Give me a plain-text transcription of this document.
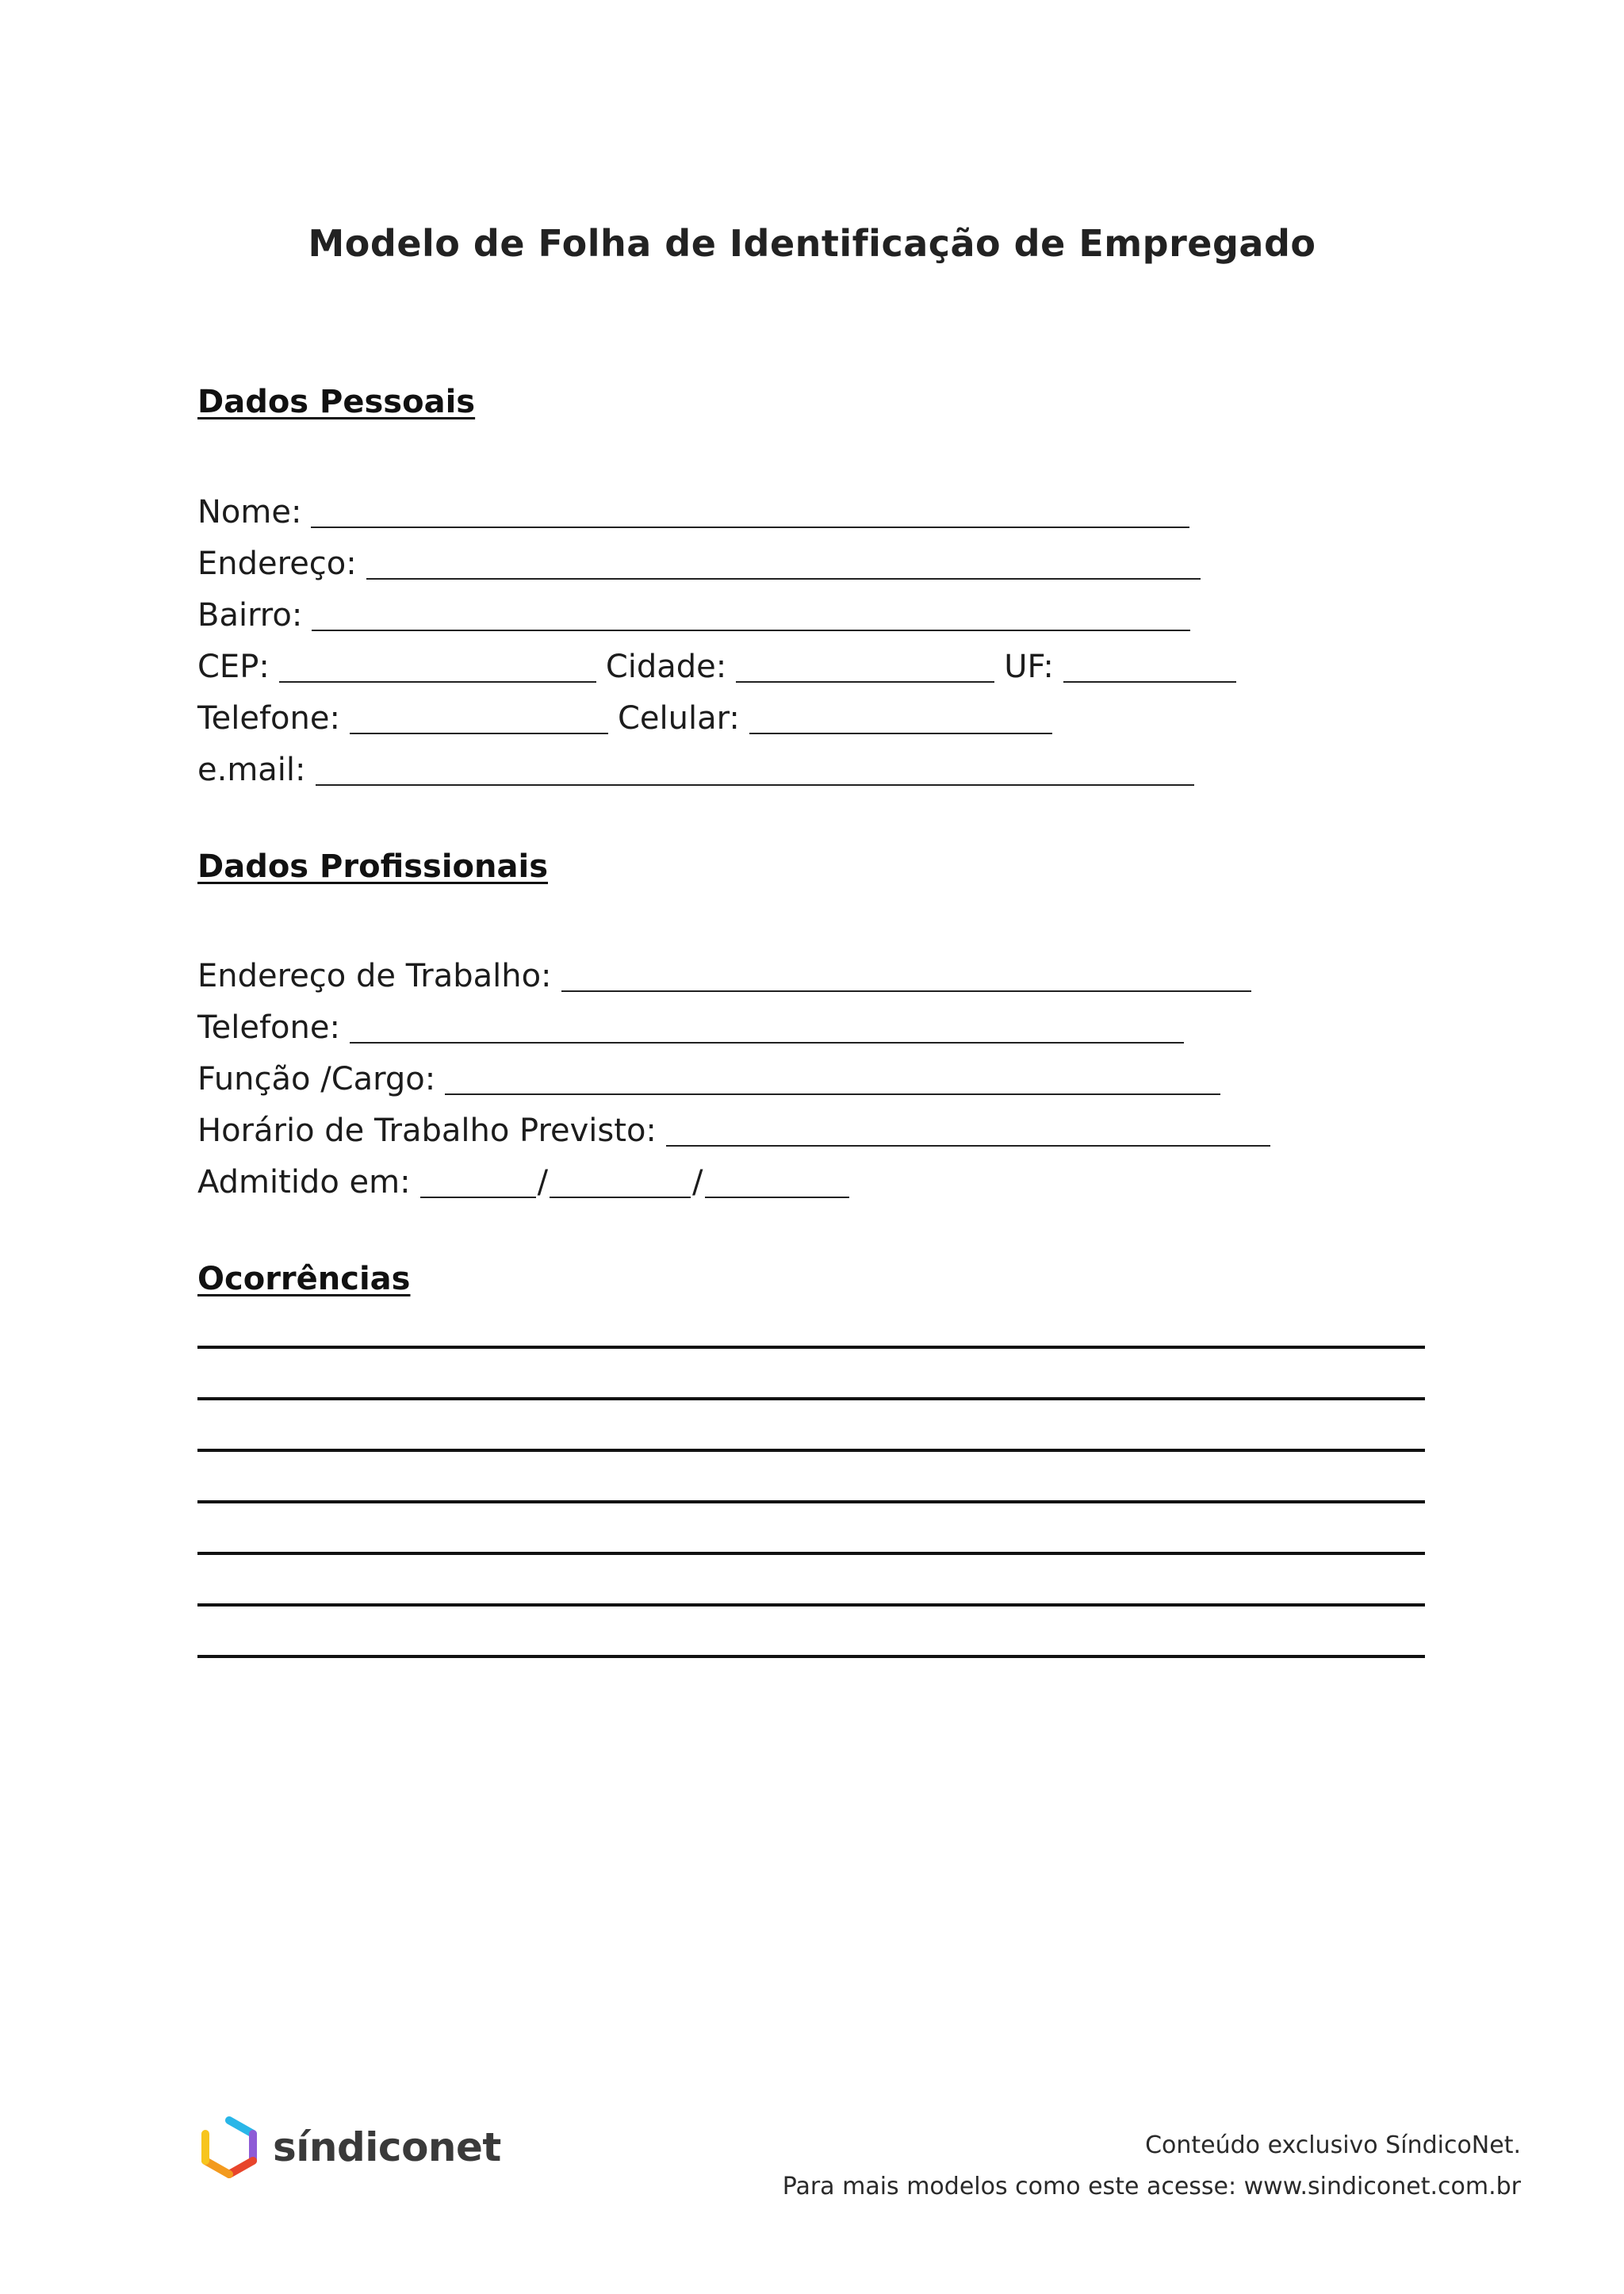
Modelo de Folha de Identificação de Empregado
Dados Pessoais
Nome:
Endereço:
Bairro:
CEP:	Cidade:	UF:
Telefone:	Celular:
e.mail:
Dados Profissionais
Endereço de Trabalho:
Telefone:
Função /Cargo:
Horário de Trabalho Previsto:
Admitido em:	/	/
Ocorrências
síndiconet	Conteúdo exclusivo SíndicoNet.
Para mais modelos como este acesse: www.sindiconet.com.br
